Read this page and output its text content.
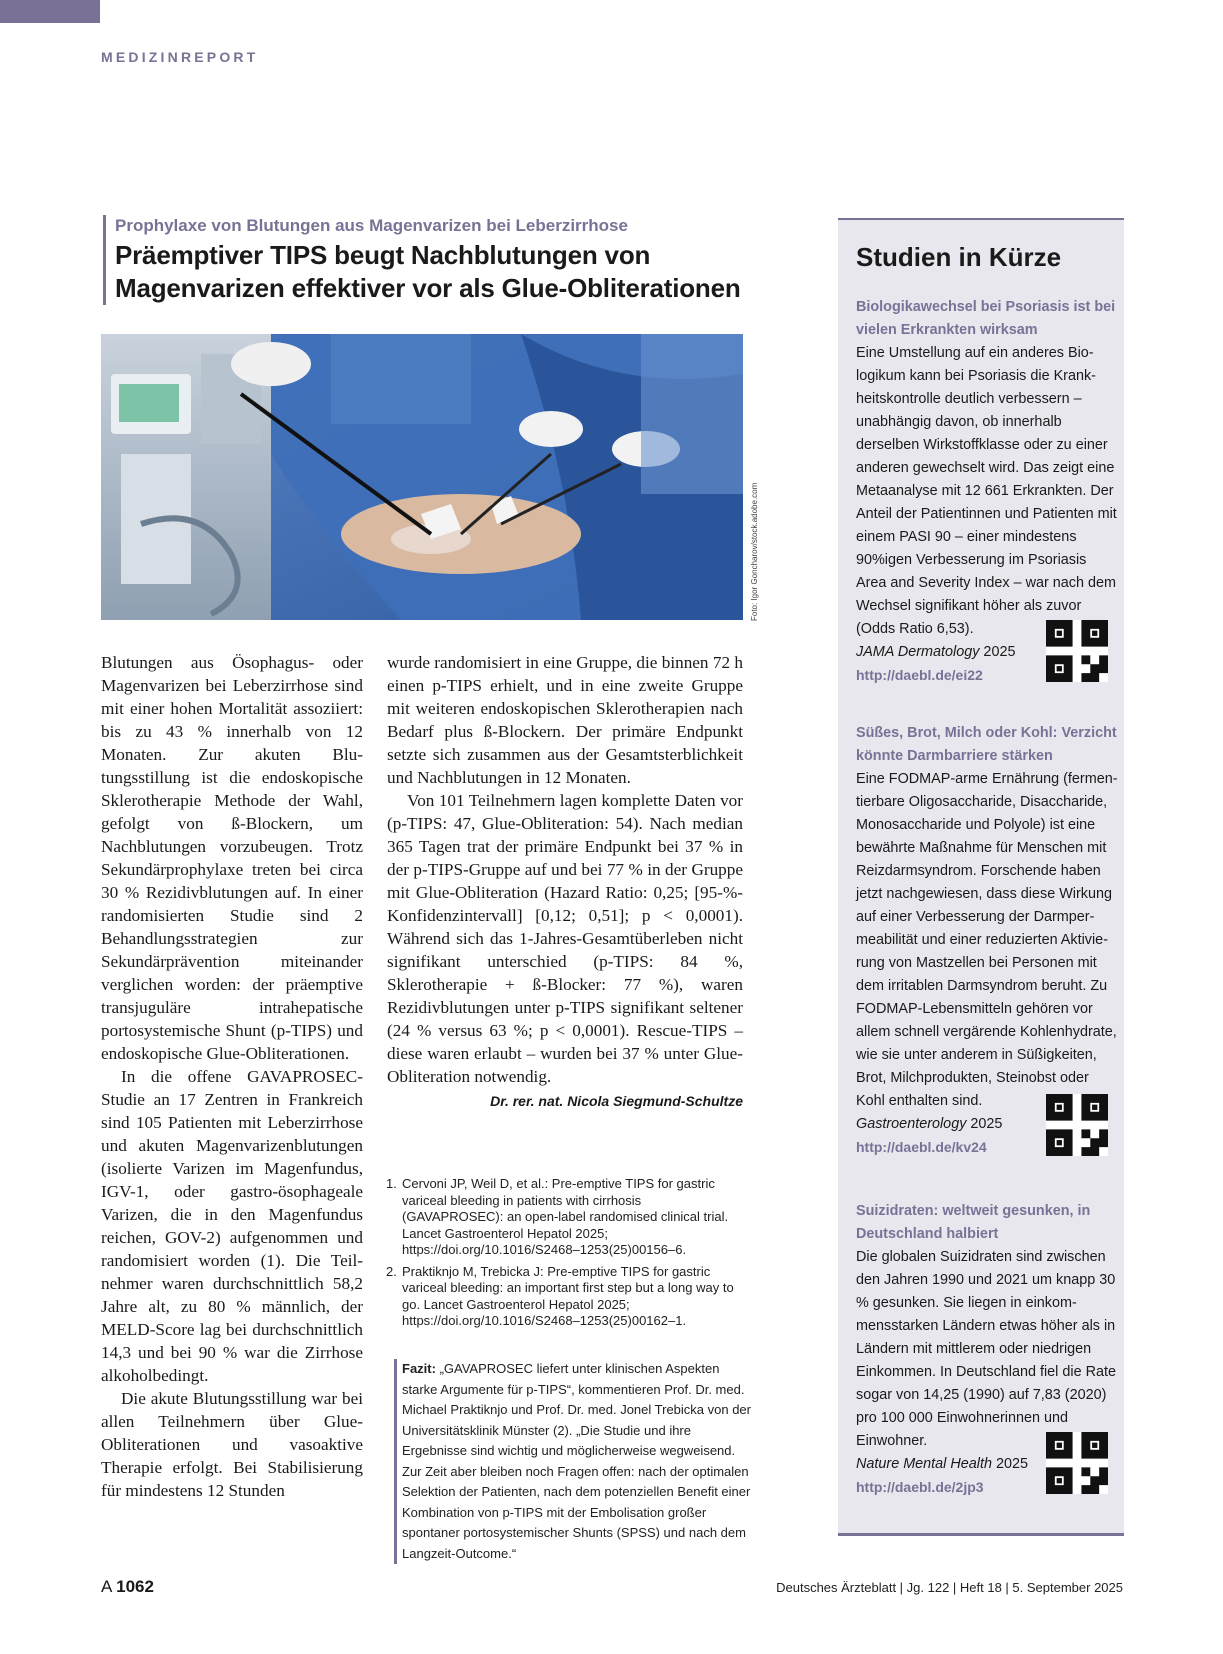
MEDIZINREPORT
Prophylaxe von Blutungen aus Magenvarizen bei Leberzirrhose
Präemptiver TIPS beugt Nachblutungen von
Magenvarizen effektiver vor als Glue-Obliterationen
Foto: Igor Goncharov/stock.adobe.com

Blutungen aus Ösophagus- oder Magenvarizen bei Leberzirrhose sind mit einer hohen Mortalität assoziiert: bis zu 43 % innerhalb von 12 Monaten. Zur akuten Blutungsstillung ist die endoskopische Sklerotherapie Methode der Wahl, gefolgt von ß-Blockern, um Nachblutungen vorzubeugen. Trotz Sekundärprophylaxe treten bei circa 30 % Rezidivblutungen auf. In einer randomisierten Studie sind 2 Behandlungsstrategien zur Sekundärprävention miteinander verglichen worden: der präemptive transjuguläre intrahepatische portosystemische Shunt (p-TIPS) und endoskopische Glue-Obliterationen.

In die offene GAVAPROSEC-Studie an 17 Zentren in Frankreich sind 105 Patienten mit Leberzirrhose und akuten Magenvarizenblutungen (isolierte Varizen im Magenfundus, IGV-1, oder gastro-ösophageale Varizen, die in den Magenfundus reichen, GOV-2) aufgenommen und randomisiert worden (1). Die Teilnehmer waren durchschnittlich 58,2 Jahre alt, zu 80 % männlich, der MELD-Score lag bei durchschnittlich 14,3 und bei 90 % war die Zirrhose alkoholbedingt.

Die akute Blutungsstillung war bei allen Teilnehmern über Glue-Obliterationen und vasoaktive Therapie erfolgt. Bei Stabilisierung für mindestens 12 Stunden

wurde randomisiert in eine Gruppe, die binnen 72 h einen p-TIPS erhielt, und in eine zweite Gruppe mit weiteren endoskopischen Sklerotherapien nach Bedarf plus ß-Blockern. Der primäre Endpunkt setzte sich zusammen aus der Gesamtsterblichkeit und Nachblutungen in 12 Monaten.

Von 101 Teilnehmern lagen komplette Daten vor (p-TIPS: 47, Glue-Obliteration: 54). Nach median 365 Tagen trat der primäre Endpunkt bei 37 % in der p-TIPS-Gruppe auf und bei 77 % in der Gruppe mit Glue-Obliteration (Hazard Ratio: 0,25; [95-%-Konfidenzintervall] [0,12; 0,51]; p < 0,0001). Während sich das 1-Jahres-Gesamtüberleben nicht signifikant unterschied (p-TIPS: 84 %, Sklerotherapie + ß-Blocker: 77 %), waren Rezidivblutungen unter p-TIPS signifikant seltener (24 % versus 63 %; p < 0,0001). Rescue-TIPS – diese waren erlaubt – wurden bei 37 % unter Glue-Obliteration notwendig.

Dr. rer. nat. Nicola Siegmund-Schultze
1. Cervoni JP, Weil D, et al.: Pre-emptive TIPS for gastric variceal bleeding in patients with cirrhosis (GAVAPROSEC): an open-label randomised clinical trial. Lancet Gastroenterol Hepatol 2025; https://doi.org/10.1016/S2468–1253(25)00156–6.
2. Praktiknjo M, Trebicka J: Pre-emptive TIPS for gastric variceal bleeding: an important first step but a long way to go. Lancet Gastroenterol Hepatol 2025; https://doi.org/10.1016/S2468–1253(25)00162–1.
Fazit: „GAVAPROSEC liefert unter klinischen Aspekten starke Argumente für p-TIPS“, kommentieren Prof. Dr. med. Michael Praktiknjo und Prof. Dr. med. Jonel Trebicka von der Universitätsklinik Münster (2). „Die Studie und ihre Ergebnisse sind wichtig und möglicherweise wegweisend. Zur Zeit aber bleiben noch Fragen offen: nach der optimalen Selektion der Patienten, nach dem potenziellen Benefit einer Kombination von p-TIPS mit der Embolisation großer spontaner portosystemischer Shunts (SPSS) und nach dem Langzeit-Outcome.“
Studien in Kürze
Biologikawechsel bei Psoriasis ist bei vielen Erkrankten wirksam
Eine Umstellung auf ein anderes Biologikum kann bei Psoriasis die Krankheitskontrolle deutlich verbessern – unabhängig davon, ob innerhalb derselben Wirkstoffklasse oder zu einer anderen gewechselt wird. Das zeigt eine Metaanalyse mit 12 661 Erkrankten. Der Anteil der Patientinnen und Patienten mit einem PASI 90 – einer mindestens 90%igen Verbesserung im Psoriasis Area and Severity Index – war nach dem Wechsel signifikant höher als zuvor (Odds Ratio 6,53).
JAMA Dermatology 2025
http://daebl.de/ei22
Süßes, Brot, Milch oder Kohl: Verzicht könnte Darmbarriere stärken
Eine FODMAP-arme Ernährung (fermentierbare Oligosaccharide, Disaccharide, Monosaccharide und Polyole) ist eine bewährte Maßnahme für Menschen mit Reizdarmsyndrom. Forschende haben jetzt nachgewiesen, dass diese Wirkung auf einer Verbesserung der Darmpermeabilität und einer reduzierten Aktivierung von Mastzellen bei Personen mit dem irritablen Darmsyndrom beruht. Zu FODMAP-Lebensmitteln gehören vor allem schnell vergärende Kohlenhydrate, wie sie unter anderem in Süßigkeiten, Brot, Milchprodukten, Steinobst oder Kohl enthalten sind.
Gastroenterology 2025
http://daebl.de/kv24
Suizidraten: weltweit gesunken, in Deutschland halbiert
Die globalen Suizidraten sind zwischen den Jahren 1990 und 2021 um knapp 30 % gesunken. Sie liegen in einkommensstarken Ländern etwas höher als in Ländern mit mittlerem oder niedrigen Einkommen. In Deutschland fiel die Rate sogar von 14,25 (1990) auf 7,83 (2020) pro 100 000 Einwohnerinnen und Einwohner.
Nature Mental Health 2025
http://daebl.de/2jp3
A 1062	Deutsches Ärzteblatt | Jg. 122 | Heft 18 | 5. September 2025
